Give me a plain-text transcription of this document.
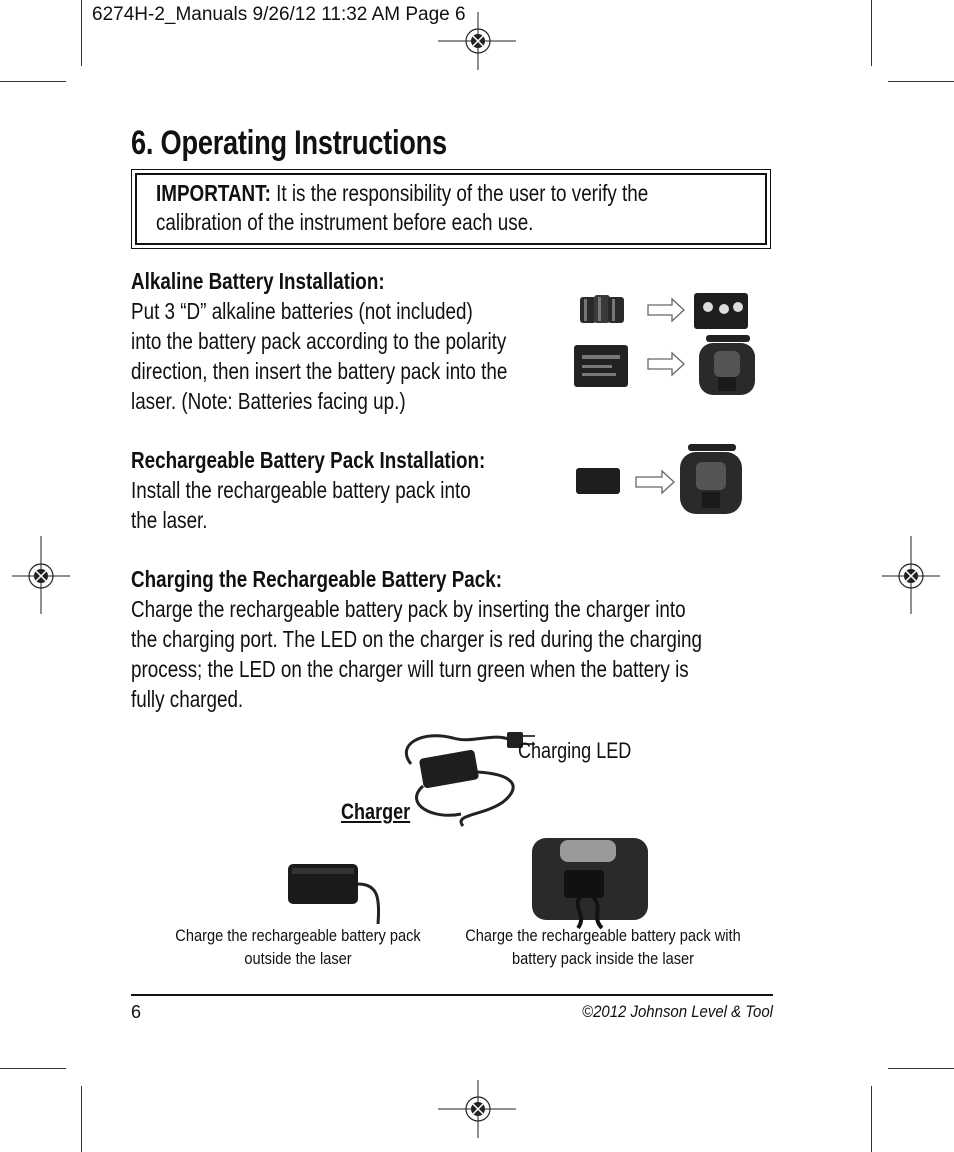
6274H-2_Manuals 9/26/12 11:32 AM Page 6
6. Operating Instructions
IMPORTANT: It is the responsibility of the user to verify the
calibration of the instrument before each use.
Alkaline Battery Installation:
Put 3 “D” alkaline batteries (not included)
into the battery pack according to the polarity
direction, then insert the battery pack into the
laser. (Note: Batteries facing up.)
Rechargeable Battery Pack Installation:
Install the rechargeable battery pack into
the laser.
Charging the Rechargeable Battery Pack:
Charge the rechargeable battery pack by inserting the charger into
the charging port. The LED on the charger is red during the charging
process; the LED on the charger will turn green when the battery is
fully charged.
Charging LED
Charger
Charge the rechargeable battery pack
outside the laser
Charge the rechargeable battery pack with
battery pack inside the laser
6	©2012 Johnson Level & Tool
